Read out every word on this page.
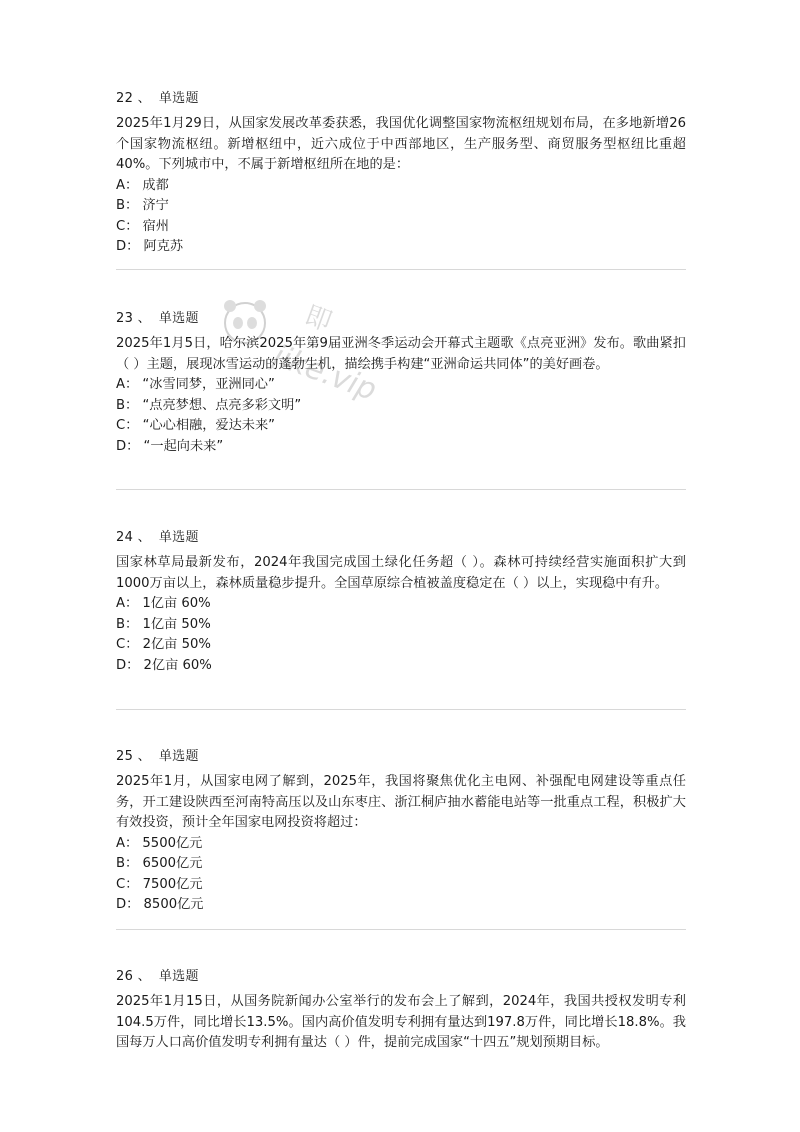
即
jike.vip
22 、 单选题
2025年1月29日，从国家发展改革委获悉，我国优化调整国家物流枢纽规划布局，在多地新增26个国家物流枢纽。新增枢纽中，近六成位于中西部地区，生产服务型、商贸服务型枢纽比重超40%。下列城市中，不属于新增枢纽所在地的是：
A： 成都
B： 济宁
C： 宿州
D： 阿克苏
23 、 单选题
2025年1月5日，哈尔滨2025年第9届亚洲冬季运动会开幕式主题歌《点亮亚洲》发布。歌曲紧扣（ ）主题，展现冰雪运动的蓬勃生机，描绘携手构建“亚洲命运共同体”的美好画卷。
A： “冰雪同梦，亚洲同心”
B： “点亮梦想、点亮多彩文明”
C： “心心相融，爱达未来”
D： “一起向未来”
24 、 单选题
国家林草局最新发布，2024年我国完成国土绿化任务超（ ）。森林可持续经营实施面积扩大到1000万亩以上，森林质量稳步提升。全国草原综合植被盖度稳定在（ ）以上，实现稳中有升。
A： 1亿亩 60%
B： 1亿亩 50%
C： 2亿亩 50%
D： 2亿亩 60%
25 、 单选题
2025年1月，从国家电网了解到，2025年，我国将聚焦优化主电网、补强配电网建设等重点任务，开工建设陕西至河南特高压以及山东枣庄、浙江桐庐抽水蓄能电站等一批重点工程，积极扩大有效投资，预计全年国家电网投资将超过：
A： 5500亿元
B： 6500亿元
C： 7500亿元
D： 8500亿元
26 、 单选题
2025年1月15日，从国务院新闻办公室举行的发布会上了解到，2024年，我国共授权发明专利104.5万件，同比增长13.5%。国内高价值发明专利拥有量达到197.8万件，同比增长18.8%。我国每万人口高价值发明专利拥有量达（ ）件，提前完成国家“十四五”规划预期目标。
